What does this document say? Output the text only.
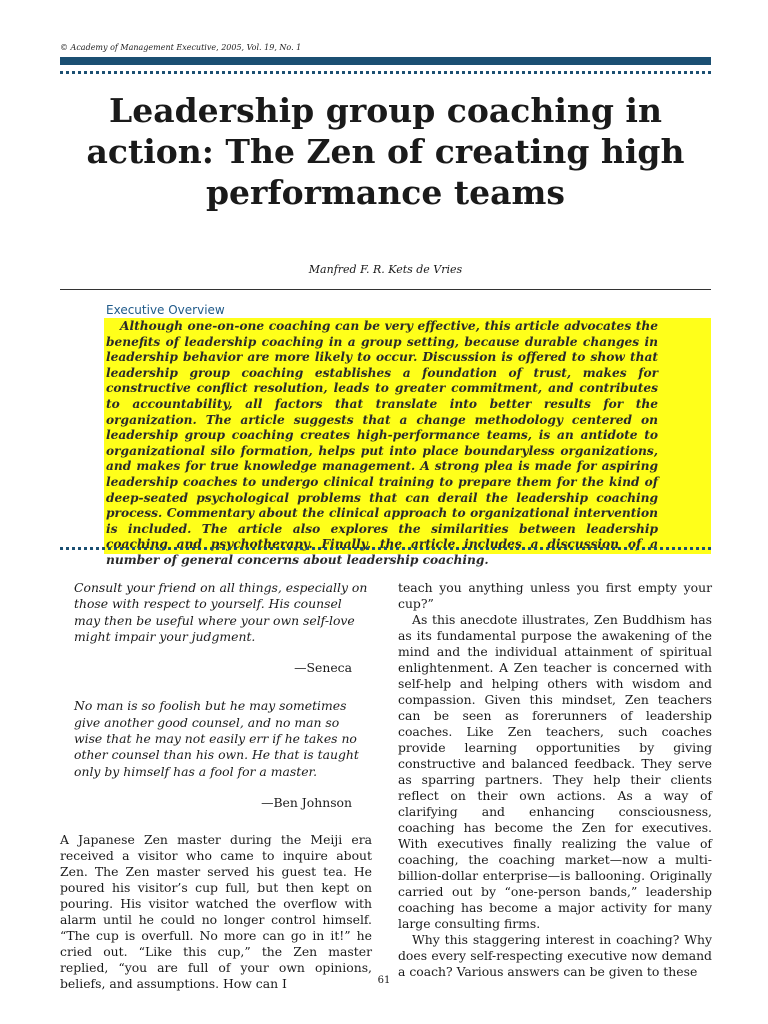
© Academy of Management Executive, 2005, Vol. 19, No. 1
Leadership group coaching in action: The Zen of creating high performance teams
Manfred F. R. Kets de Vries
Executive Overview

Although one-on-one coaching can be very effective, this article advocates the benefits of leadership coaching in a group setting, because durable changes in leadership behavior are more likely to occur. Discussion is offered to show that leadership group coaching establishes a foundation of trust, makes for constructive conflict resolution, leads to greater commitment, and contributes to accountability, all factors that translate into better results for the organization. The article suggests that a change methodology centered on leadership group coaching creates high-performance teams, is an antidote to organizational silo formation, helps put into place boundaryless organizations, and makes for true knowledge management. A strong plea is made for aspiring leadership coaches to undergo clinical training to prepare them for the kind of deep-seated psychological problems that can derail the leadership coaching process. Commentary about the clinical approach to organizational intervention is included. The article also explores the similarities between leadership coaching and psychotherapy. Finally, the article includes a discussion of a number of general concerns about leadership coaching.

Consult your friend on all things, especially on those with respect to yourself. His counsel may then be useful where your own self-love might impair your judgment.
—Seneca
No man is so foolish but he may sometimes give another good counsel, and no man so wise that he may not easily err if he takes no other counsel than his own. He that is taught only by himself has a fool for a master.
—Ben Johnson

A Japanese Zen master during the Meiji era received a visitor who came to inquire about Zen. The Zen master served his guest tea. He poured his visitor’s cup full, but then kept on pouring. His visitor watched the overflow with alarm until he could no longer control himself. “The cup is overfull. No more can go in it!” he cried out. “Like this cup,” the Zen master replied, “you are full of your own opinions, beliefs, and assumptions. How can I

teach you anything unless you first empty your cup?”

As this anecdote illustrates, Zen Buddhism has as its fundamental purpose the awakening of the mind and the individual attainment of spiritual enlightenment. A Zen teacher is concerned with self-help and helping others with wisdom and compassion. Given this mindset, Zen teachers can be seen as forerunners of leadership coaches. Like Zen teachers, such coaches provide learning opportunities by giving constructive and balanced feedback. They serve as sparring partners. They help their clients reflect on their own actions. As a way of clarifying and enhancing consciousness, coaching has become the Zen for executives. With executives finally realizing the value of coaching, the coaching market—now a multi-billion-dollar enterprise—is ballooning. Originally carried out by “one-person bands,” leadership coaching has become a major activity for many large consulting firms.

Why this staggering interest in coaching? Why does every self-respecting executive now demand a coach? Various answers can be given to these

61
